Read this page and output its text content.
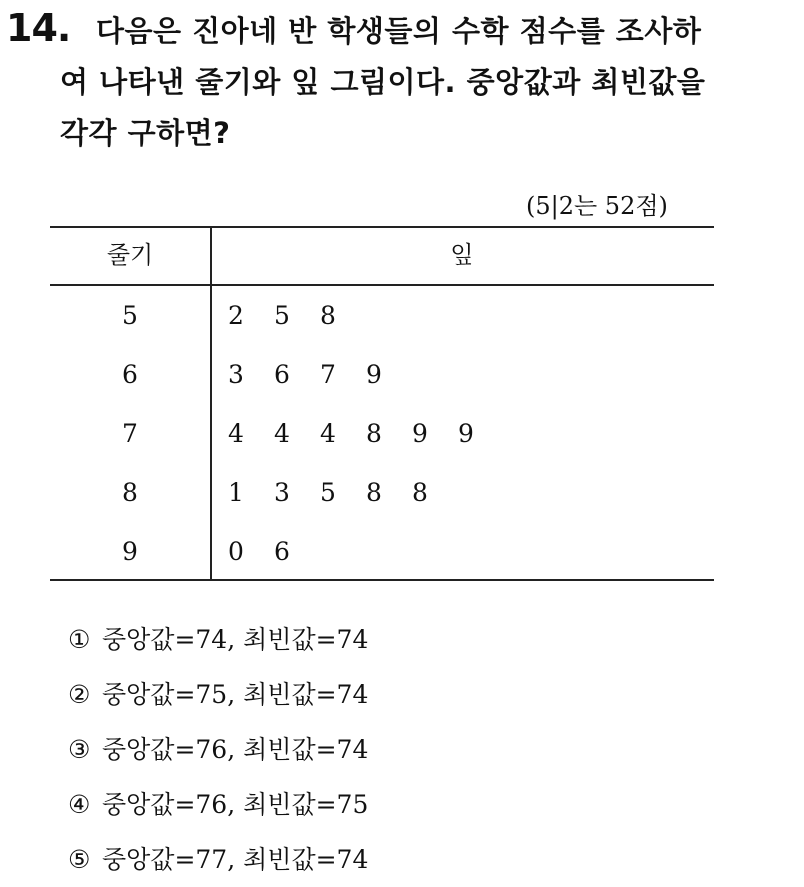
14. 다음은 진아네 반 학생들의 수학 점수를 조사하
여 나타낸 줄기와 잎 그림이다. 중앙값과 최빈값을
각각 구하면?
(5|2는 52점)
줄기	잎
5	2 5 8
6	3 6 7 9
7	4 4 4 8 9 9
8	1 3 5 8 8
9	0 6
① 중앙값=74, 최빈값=74
② 중앙값=75, 최빈값=74
③ 중앙값=76, 최빈값=74
④ 중앙값=76, 최빈값=75
⑤ 중앙값=77, 최빈값=74
